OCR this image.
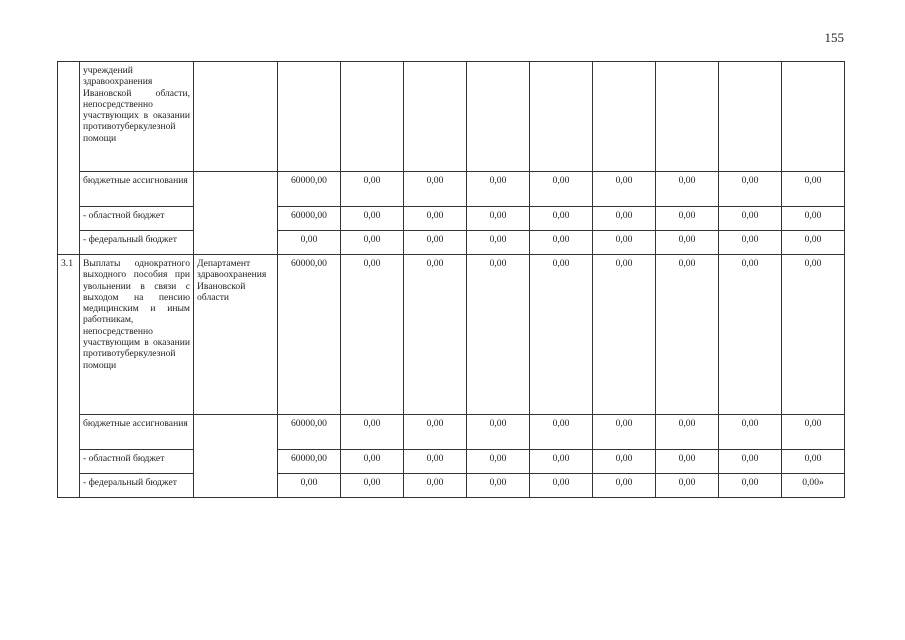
155
	учреждений здравоохранения Ивановской области, непосредственно участвующих в оказании противотуберкулезной помощи										
	бюджетные ассигнования		60000,00	0,00	0,00	0,00	0,00	0,00	0,00	0,00	0,00
	- областной бюджет		60000,00	0,00	0,00	0,00	0,00	0,00	0,00	0,00	0,00
	- федеральный бюджет		0,00	0,00	0,00	0,00	0,00	0,00	0,00	0,00	0,00
3.1	Выплаты однократного выходного пособия при увольнении в связи с выходом на пенсию медицинским и иным работникам, непосредственно участвующим в оказании противотуберкулезной помощи	Департамент здравоохранения Ивановской области	60000,00	0,00	0,00	0,00	0,00	0,00	0,00	0,00	0,00
	бюджетные ассигнования		60000,00	0,00	0,00	0,00	0,00	0,00	0,00	0,00	0,00
	- областной бюджет		60000,00	0,00	0,00	0,00	0,00	0,00	0,00	0,00	0,00
	- федеральный бюджет		0,00	0,00	0,00	0,00	0,00	0,00	0,00	0,00	0,00»
